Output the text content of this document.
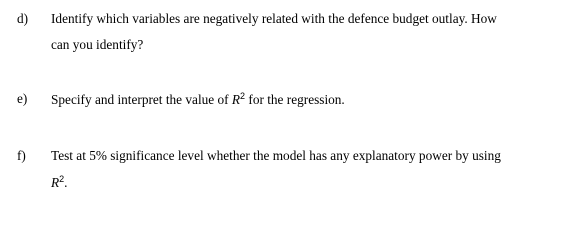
d) Identify which variables are negatively related with the defence budget outlay. How
can you identify?
e) Specify and interpret the value of $R^2$ for the regression.
f) Test at 5% significance level whether the model has any explanatory power by using
$R^2$.
